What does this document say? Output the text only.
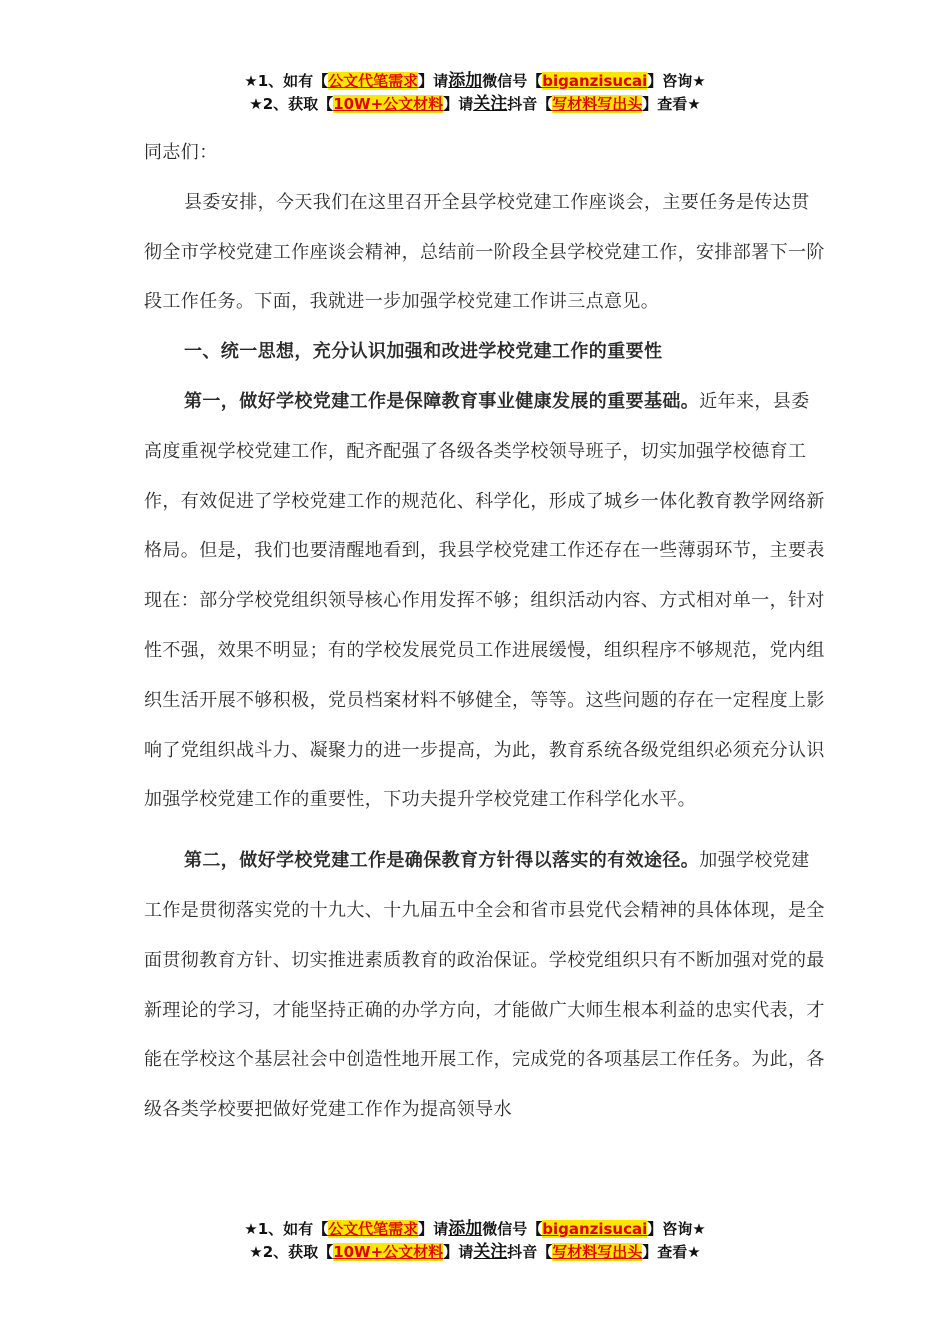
★1、如有【公文代笔需求】请添加微信号【biganzisucai】咨询★
★2、获取【10W+公文材料】请关注抖音【写材料写出头】查看★

同志们：

县委安排，今天我们在这里召开全县学校党建工作座谈会，主要任务是传达贯彻全市学校党建工作座谈会精神，总结前一阶段全县学校党建工作，安排部署下一阶段工作任务。下面，我就进一步加强学校党建工作讲三点意见。

一、统一思想，充分认识加强和改进学校党建工作的重要性

第一，做好学校党建工作是保障教育事业健康发展的重要基础。近年来，县委高度重视学校党建工作，配齐配强了各级各类学校领导班子，切实加强学校德育工作，有效促进了学校党建工作的规范化、科学化，形成了城乡一体化教育教学网络新格局。但是，我们也要清醒地看到，我县学校党建工作还存在一些薄弱环节，主要表现在：部分学校党组织领导核心作用发挥不够；组织活动内容、方式相对单一，针对性不强，效果不明显；有的学校发展党员工作进展缓慢，组织程序不够规范，党内组织生活开展不够积极，党员档案材料不够健全，等等。这些问题的存在一定程度上影响了党组织战斗力、凝聚力的进一步提高，为此，教育系统各级党组织必须充分认识加强学校党建工作的重要性，下功夫提升学校党建工作科学化水平。

第二，做好学校党建工作是确保教育方针得以落实的有效途径。加强学校党建工作是贯彻落实党的十九大、十九届五中全会和省市县党代会精神的具体体现，是全面贯彻教育方针、切实推进素质教育的政治保证。学校党组织只有不断加强对党的最新理论的学习，才能坚持正确的办学方向，才能做广大师生根本利益的忠实代表，才能在学校这个基层社会中创造性地开展工作，完成党的各项基层工作任务。为此，各级各类学校要把做好党建工作作为提高领导水

★1、如有【公文代笔需求】请添加微信号【biganzisucai】咨询★
★2、获取【10W+公文材料】请关注抖音【写材料写出头】查看★
